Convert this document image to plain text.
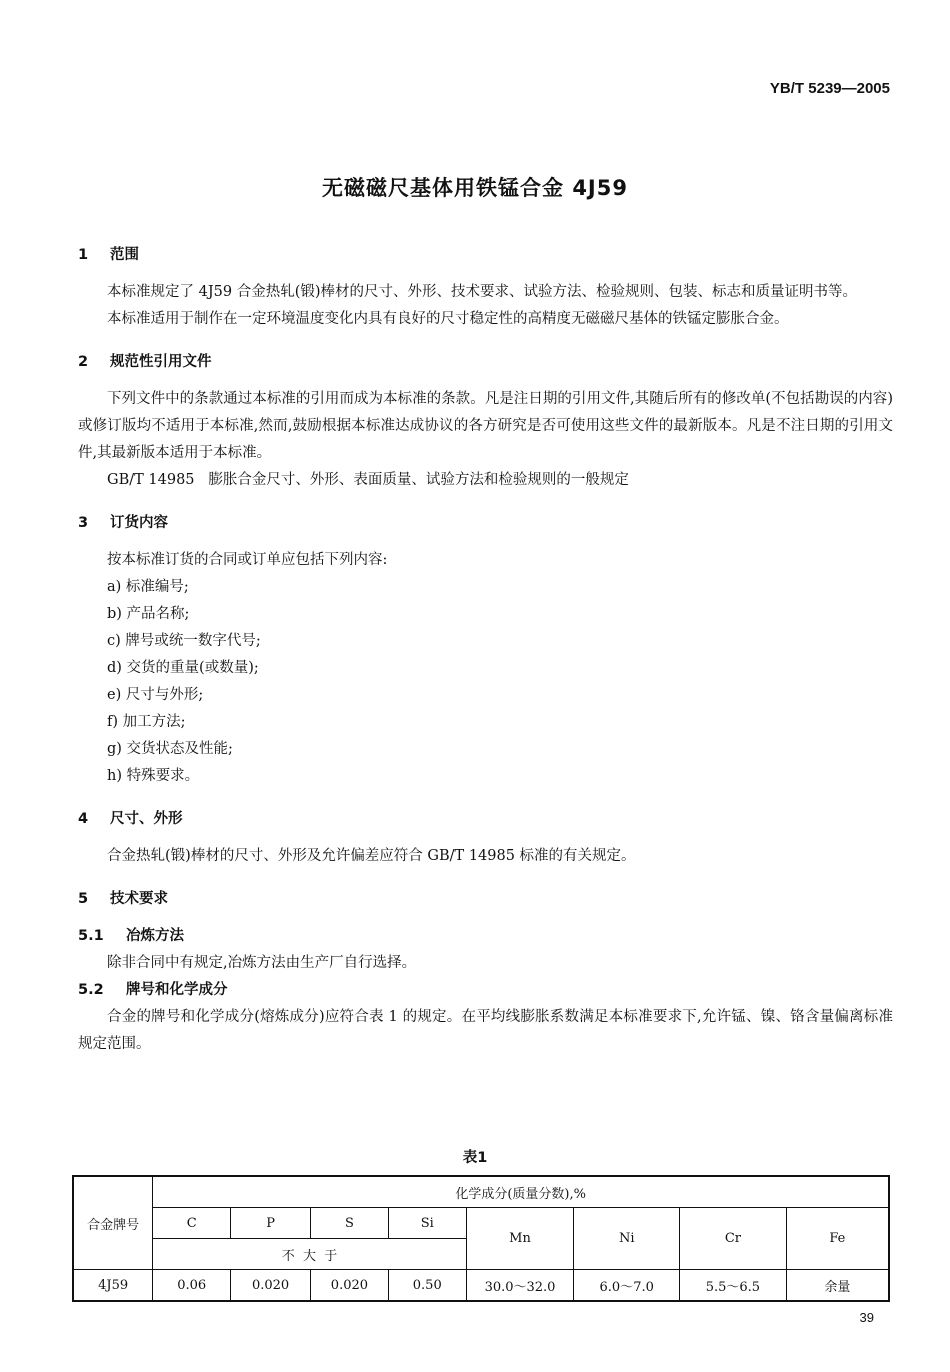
YB/T 5239—2005
无磁磁尺基体用铁锰合金 4J59
1 范围

本标准规定了 4J59 合金热轧(锻)棒材的尺寸、外形、技术要求、试验方法、检验规则、包装、标志和质量证明书等。

本标准适用于制作在一定环境温度变化内具有良好的尺寸稳定性的高精度无磁磁尺基体的铁锰定膨胀合金。

2 规范性引用文件

下列文件中的条款通过本标准的引用而成为本标准的条款。凡是注日期的引用文件,其随后所有的修改单(不包括勘误的内容)或修订版均不适用于本标准,然而,鼓励根据本标准达成协议的各方研究是否可使用这些文件的最新版本。凡是不注日期的引用文件,其最新版本适用于本标准。

GB/T 14985   膨胀合金尺寸、外形、表面质量、试验方法和检验规则的一般规定

3 订货内容

按本标准订货的合同或订单应包括下列内容:

a) 标准编号;
b) 产品名称;
c) 牌号或统一数字代号;
d) 交货的重量(或数量);
e) 尺寸与外形;
f) 加工方法;
g) 交货状态及性能;
h) 特殊要求。
4 尺寸、外形

合金热轧(锻)棒材的尺寸、外形及允许偏差应符合 GB/T 14985 标准的有关规定。

5 技术要求
5.1 冶炼方法

除非合同中有规定,冶炼方法由生产厂自行选择。

5.2 牌号和化学成分

合金的牌号和化学成分(熔炼成分)应符合表 1 的规定。在平均线膨胀系数满足本标准要求下,允许锰、镍、铬含量偏离标准规定范围。

表1
合金牌号	化学成分(质量分数),%							
	C	P	S	Si	Mn	Ni	Cr	Fe
	不  大  于							
4J59	0.06	0.020	0.020	0.50	30.0～32.0	6.0～7.0	5.5～6.5	余量
39
